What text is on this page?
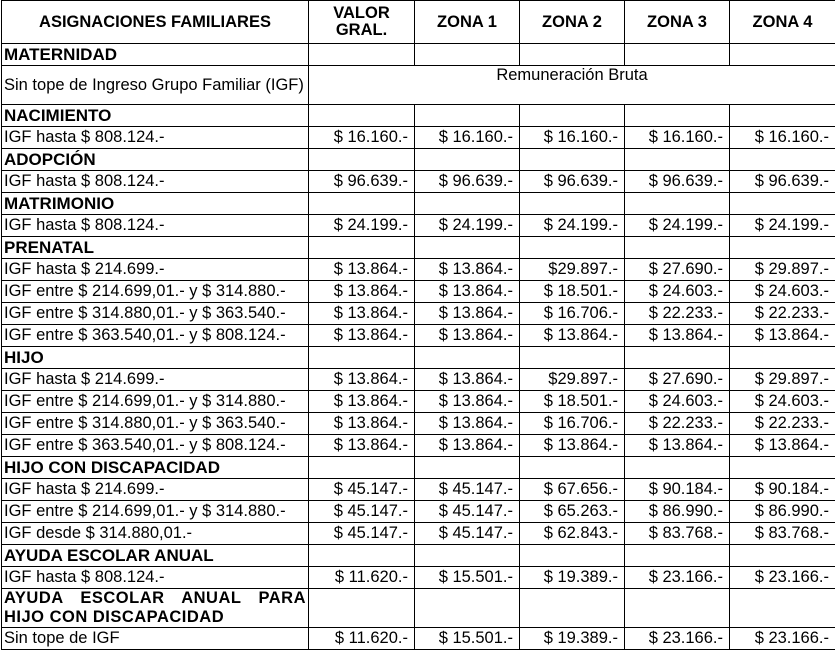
ASIGNACIONES FAMILIARES	VALOR GRAL.	ZONA 1	ZONA 2	ZONA 3	ZONA 4
MATERNIDAD					
Sin tope de Ingreso Grupo Familiar (IGF)	Remuneración Bruta				
NACIMIENTO					
IGF hasta $ 808.124.-	$ 16.160.-	$ 16.160.-	$ 16.160.-	$ 16.160.-	$ 16.160.-
ADOPCIÓN					
IGF hasta $ 808.124.-	$ 96.639.-	$ 96.639.-	$ 96.639.-	$ 96.639.-	$ 96.639.-
MATRIMONIO					
IGF hasta $ 808.124.-	$ 24.199.-	$ 24.199.-	$ 24.199.-	$ 24.199.-	$ 24.199.-
PRENATAL					
IGF hasta $ 214.699.-	$ 13.864.-	$ 13.864.-	$29.897.-	$ 27.690.-	$ 29.897.-
IGF entre $ 214.699,01.- y $ 314.880.-	$ 13.864.-	$ 13.864.-	$ 18.501.-	$ 24.603.-	$ 24.603.-
IGF entre $ 314.880,01.- y $ 363.540.-	$ 13.864.-	$ 13.864.-	$ 16.706.-	$ 22.233.-	$ 22.233.-
IGF entre $ 363.540,01.- y $ 808.124.-	$ 13.864.-	$ 13.864.-	$ 13.864.-	$ 13.864.-	$ 13.864.-
HIJO					
IGF hasta $ 214.699.-	$ 13.864.-	$ 13.864.-	$29.897.-	$ 27.690.-	$ 29.897.-
IGF entre $ 214.699,01.- y $ 314.880.-	$ 13.864.-	$ 13.864.-	$ 18.501.-	$ 24.603.-	$ 24.603.-
IGF entre $ 314.880,01.- y $ 363.540.-	$ 13.864.-	$ 13.864.-	$ 16.706.-	$ 22.233.-	$ 22.233.-
IGF entre $ 363.540,01.- y $ 808.124.-	$ 13.864.-	$ 13.864.-	$ 13.864.-	$ 13.864.-	$ 13.864.-
HIJO CON DISCAPACIDAD					
IGF hasta $ 214.699.-	$ 45.147.-	$ 45.147.-	$ 67.656.-	$ 90.184.-	$ 90.184.-
IGF entre $ 214.699,01.- y $ 314.880.-	$ 45.147.-	$ 45.147.-	$ 65.263.-	$ 86.990.-	$ 86.990.-
IGF desde $ 314.880,01.-	$ 45.147.-	$ 45.147.-	$ 62.843.-	$ 83.768.-	$ 83.768.-
AYUDA ESCOLAR ANUAL					
IGF hasta $ 808.124.-	$ 11.620.-	$ 15.501.-	$ 19.389.-	$ 23.166.-	$ 23.166.-
AYUDA ESCOLAR ANUAL PARA HIJO CON DISCAPACIDAD					
Sin tope de IGF	$ 11.620.-	$ 15.501.-	$ 19.389.-	$ 23.166.-	$ 23.166.-
